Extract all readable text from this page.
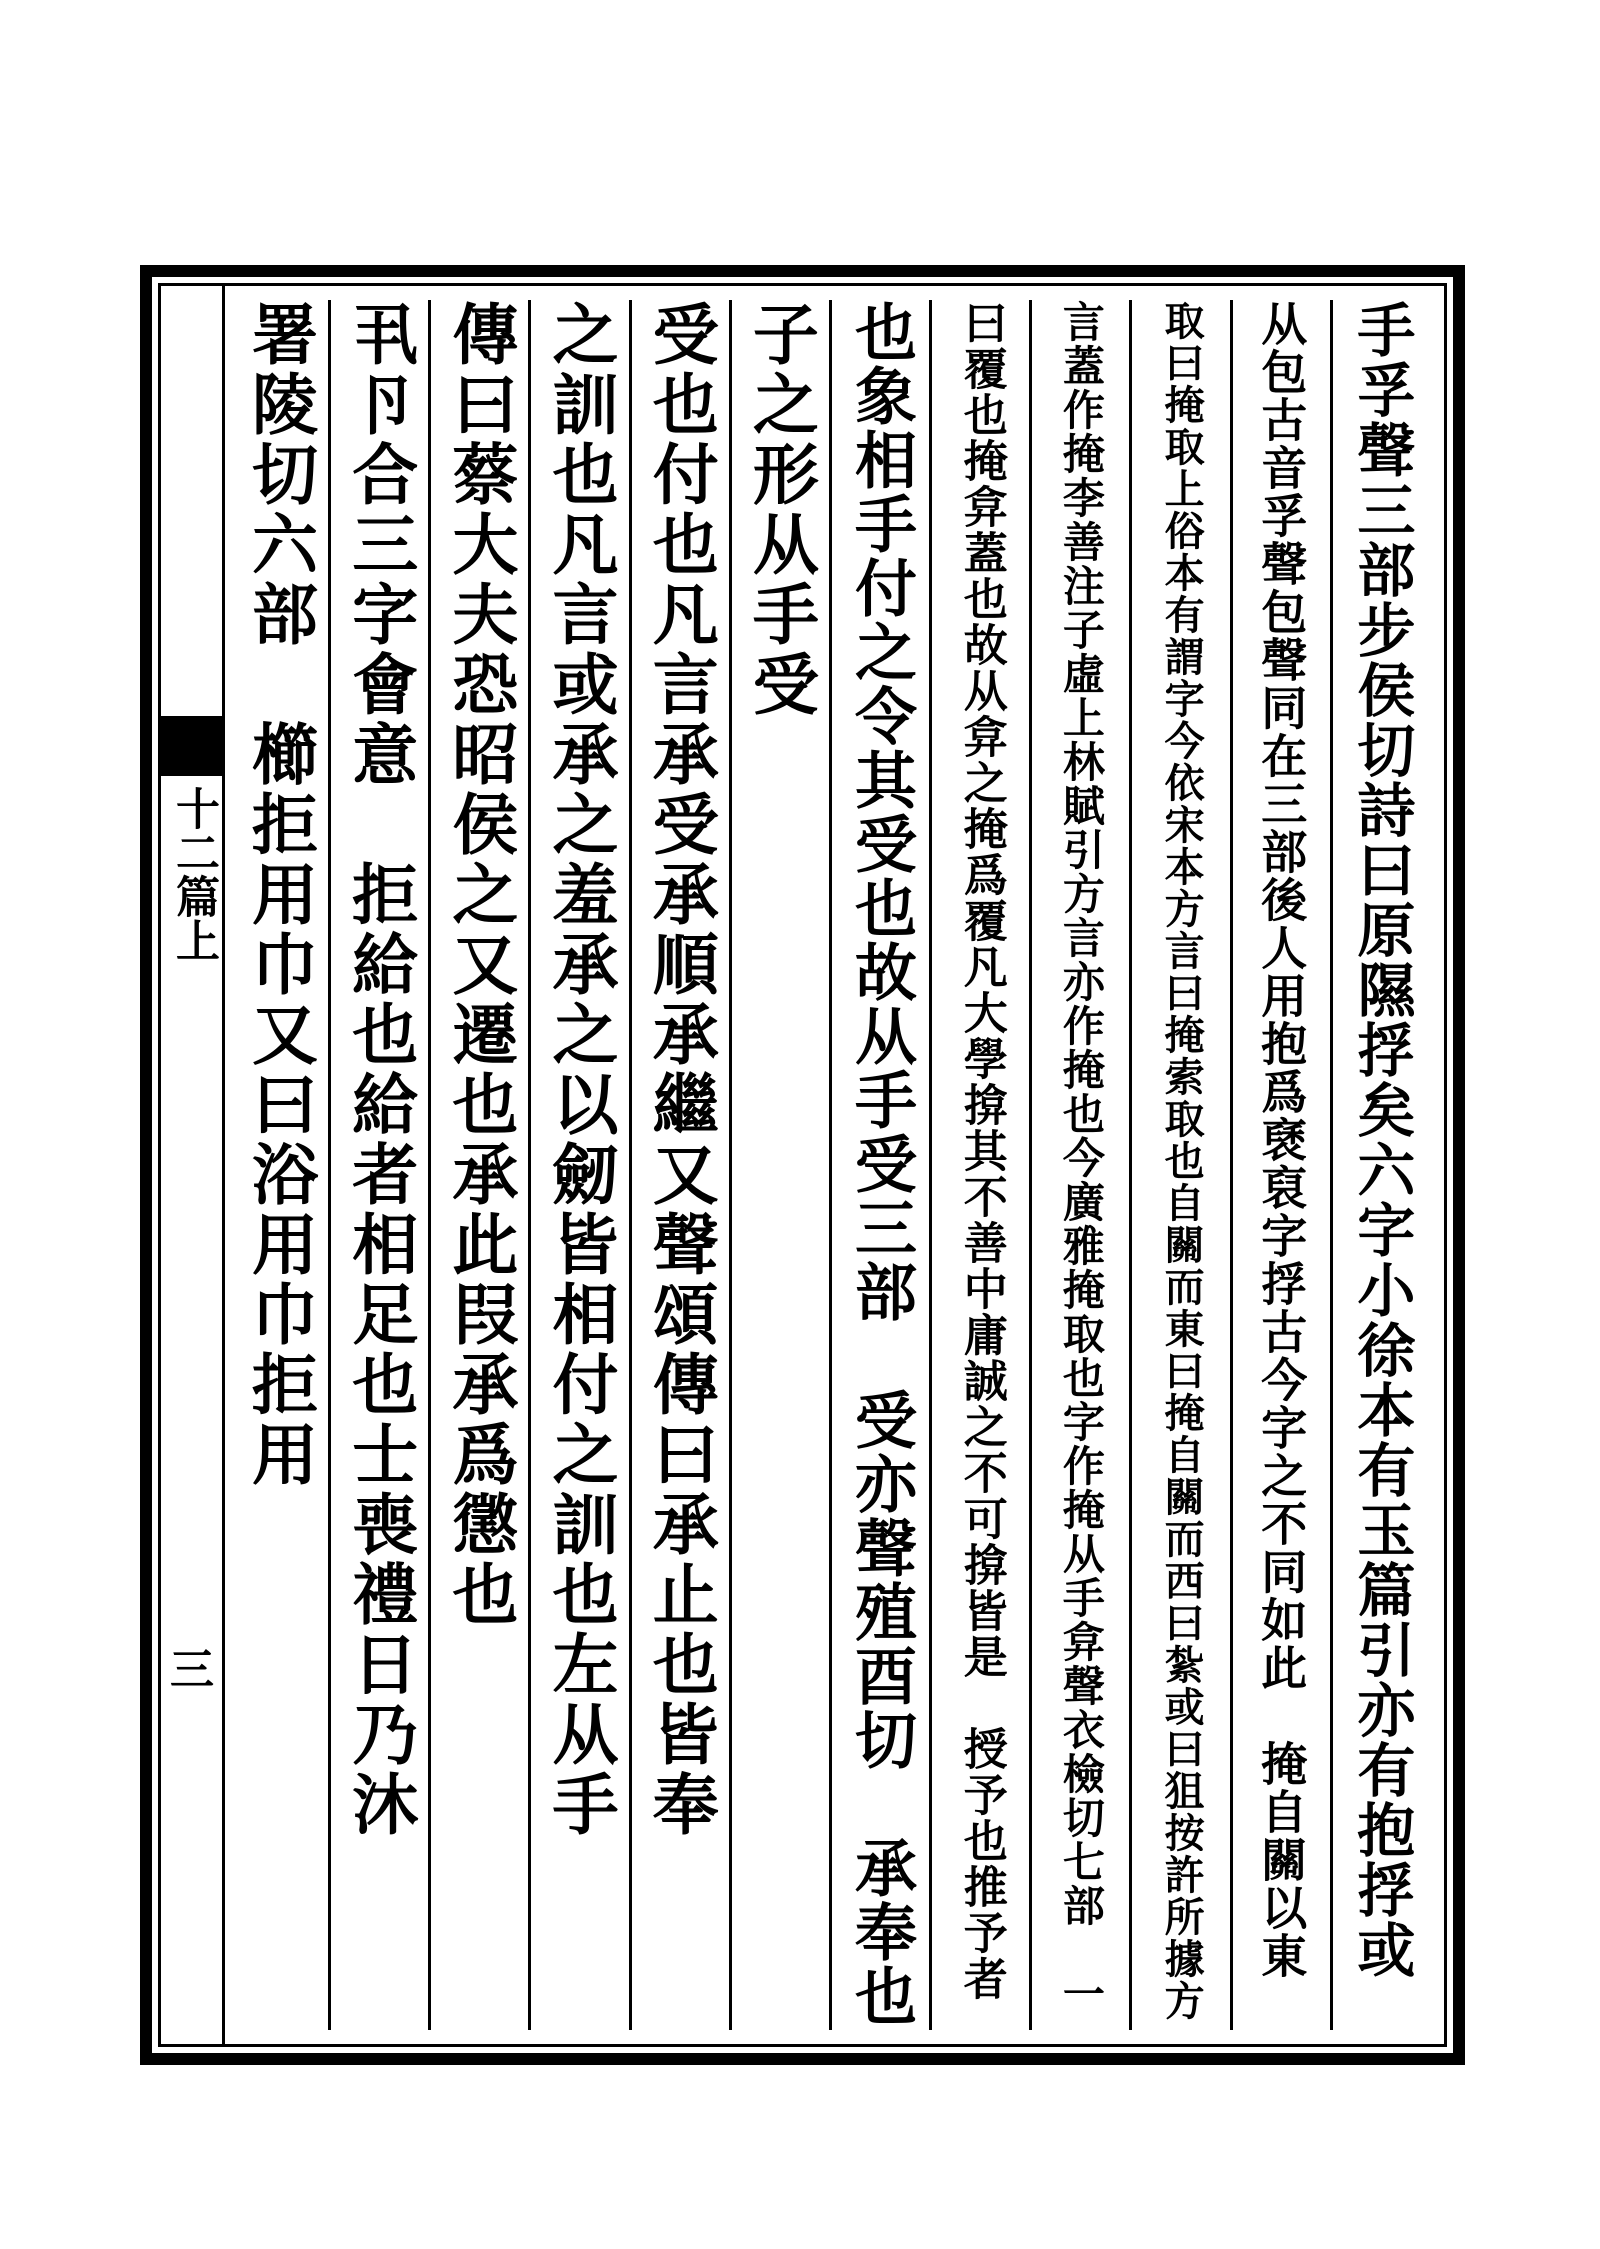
十二篇上
三	手孚聲三部步侯切詩曰原隰捊矣六字小徐本有玉篇引亦有抱捊或
从包古音孚聲包聲同在三部後人用抱爲褎裒字捊古今字之不同如此　掩自關以東
取曰掩取上俗本有謂字今依宋本方言曰掩索取也自關而東曰掩自關而西曰紮或曰狙按許所據方
言蓋作掩李善注子虛上林賦引方言亦作掩也今廣雅掩取也字作掩从手弇聲衣檢切七部　一
曰覆也掩弇蓋也故从弇之掩爲覆凡大學揜其不善中庸誠之不可揜皆是　授予也推予者
也象相手付之令其受也故从手受三部　受亦聲殖酉切　承奉也
子之形从手受
受也付也凡言承受承順承繼又聲頌傳曰承止也皆奉
之訓也凡言或承之羞承之以劒皆相付之訓也左从手
傳曰蔡大夫恐昭侯之又遷也承此叚承爲懲也
丮卪合三字會意　拒給也給者相足也士喪禮日乃沐
署陵切六部　櫛拒用巾又曰浴用巾拒用
